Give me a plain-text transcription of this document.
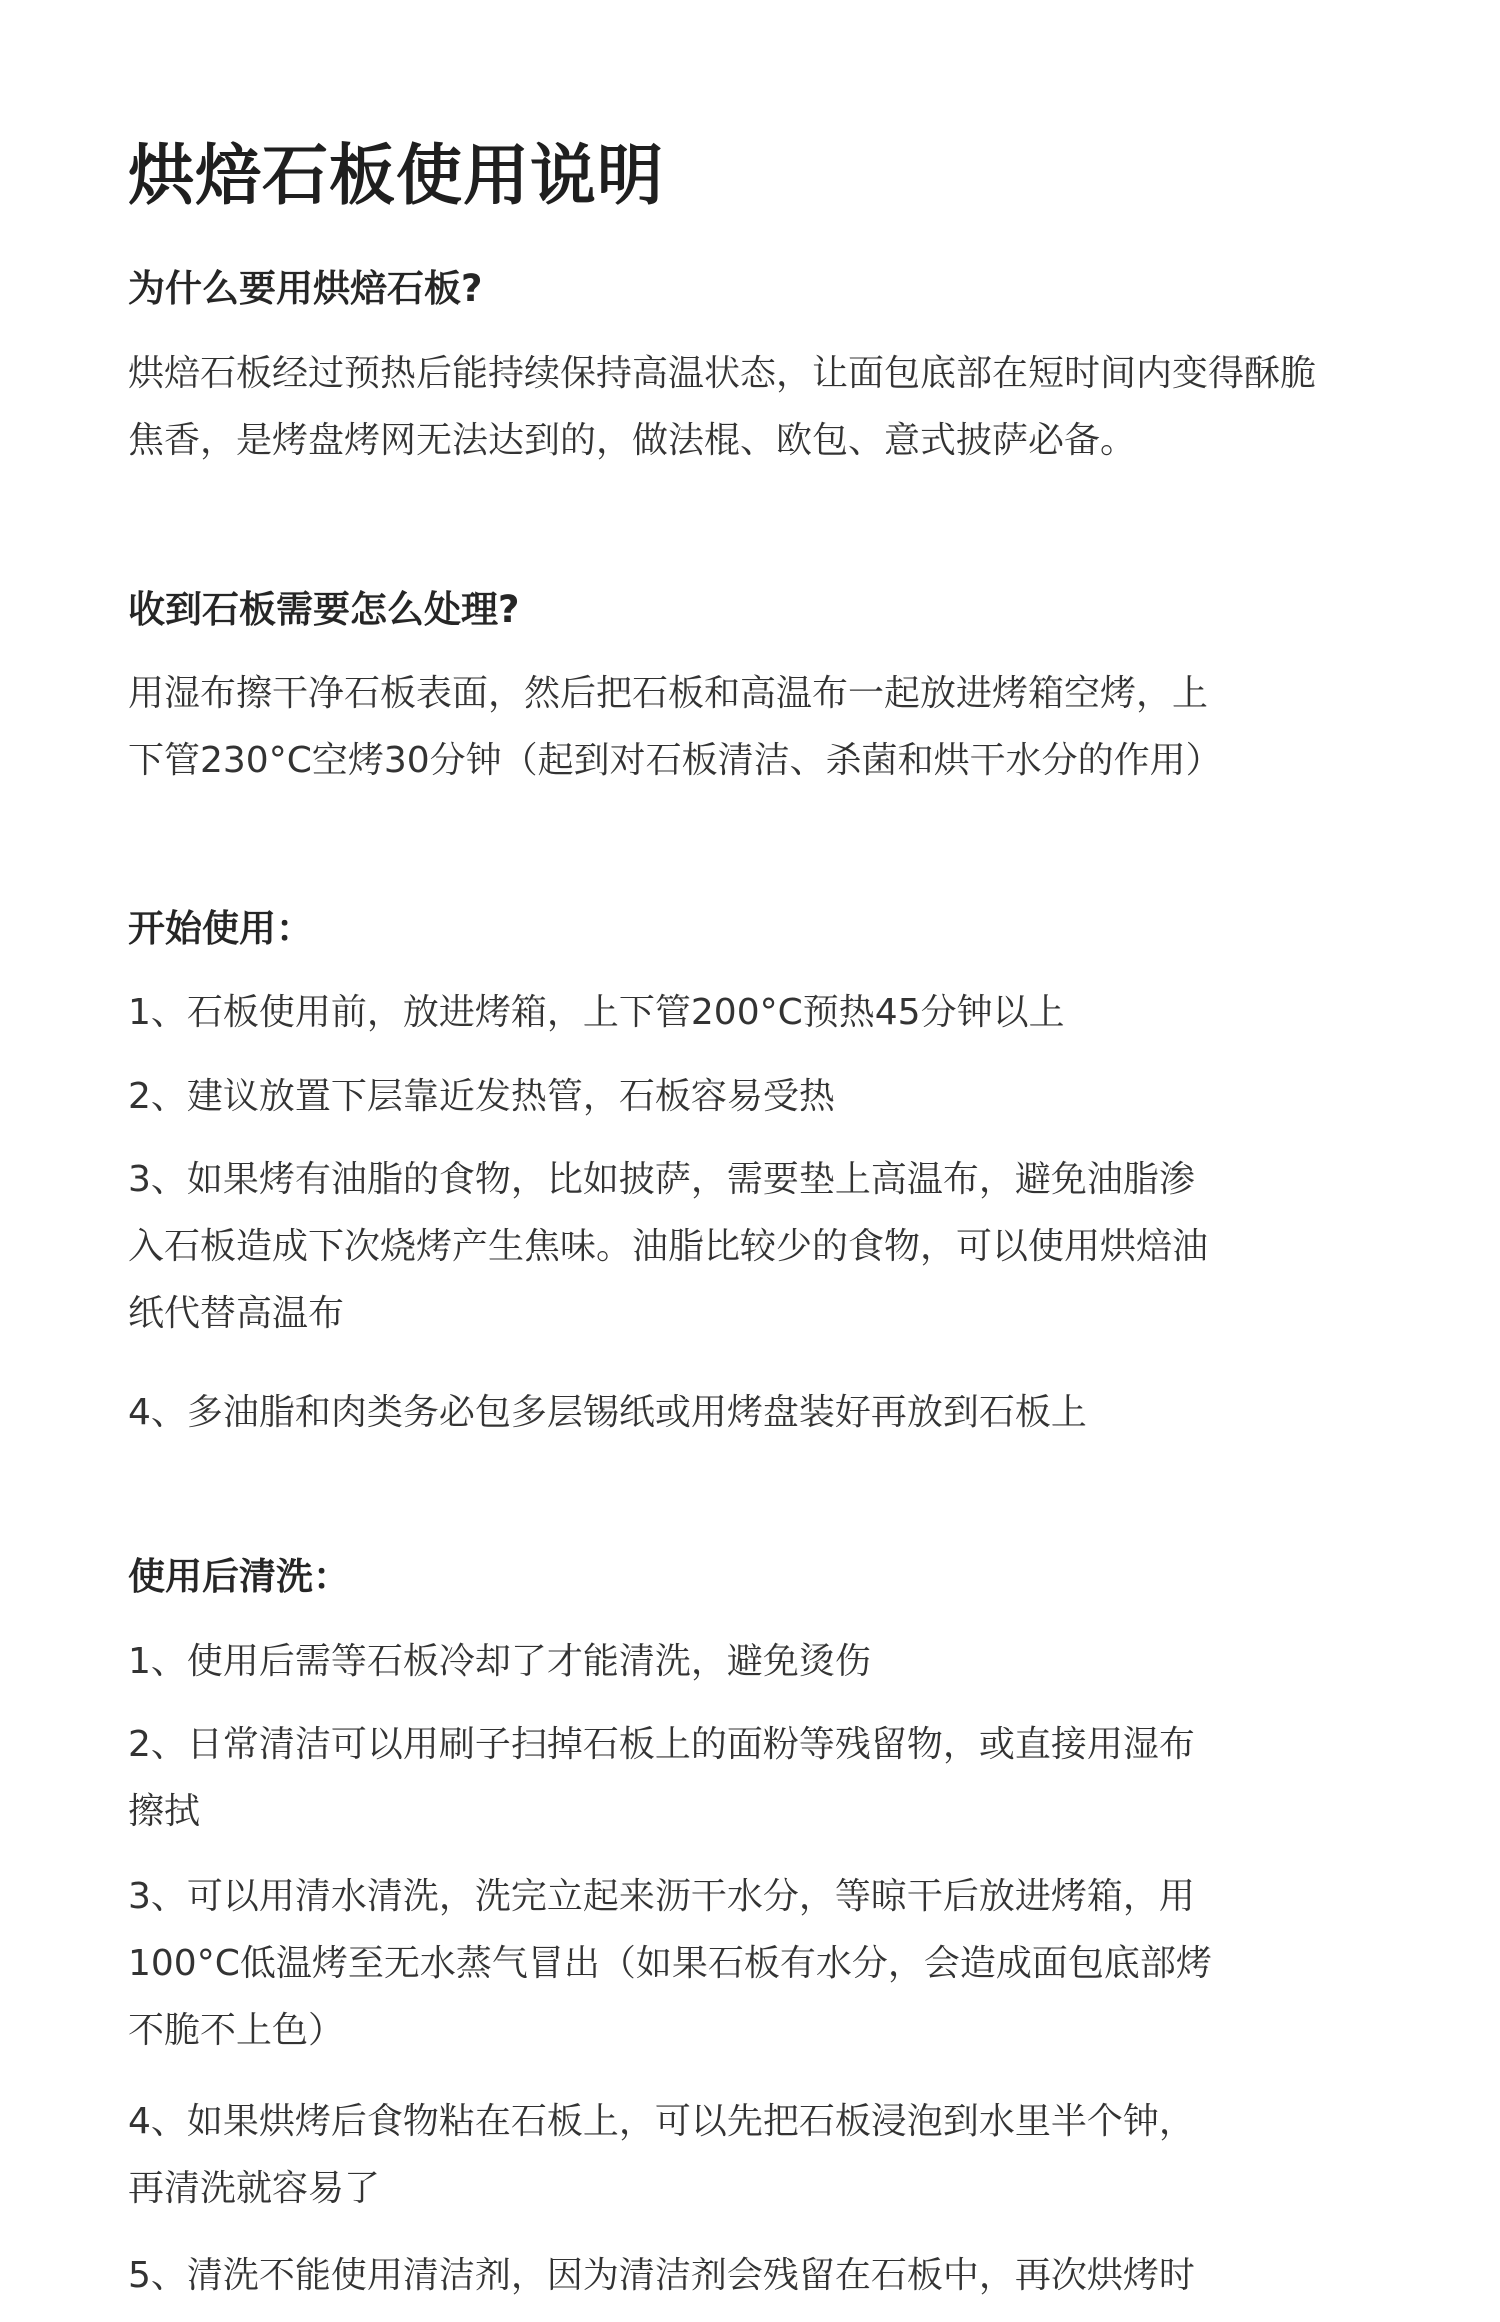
烘焙石板使用说明
为什么要用烘焙石板?
烘焙石板经过预热后能持续保持高温状态，让面包底部在短时间内变得酥脆
焦香，是烤盘烤网无法达到的，做法棍、欧包、意式披萨必备。
收到石板需要怎么处理?
用湿布擦干净石板表面，然后把石板和高温布一起放进烤箱空烤，上
下管230°C空烤30分钟（起到对石板清洁、杀菌和烘干水分的作用）
开始使用：
1、石板使用前，放进烤箱，上下管200°C预热45分钟以上
2、建议放置下层靠近发热管，石板容易受热
3、如果烤有油脂的食物，比如披萨，需要垫上高温布，避免油脂渗
入石板造成下次烧烤产生焦味。油脂比较少的食物，可以使用烘焙油
纸代替高温布
4、多油脂和肉类务必包多层锡纸或用烤盘装好再放到石板上
使用后清洗：
1、使用后需等石板冷却了才能清洗，避免烫伤
2、日常清洁可以用刷子扫掉石板上的面粉等残留物，或直接用湿布
擦拭
3、可以用清水清洗，洗完立起来沥干水分，等晾干后放进烤箱，用
100°C低温烤至无水蒸气冒出（如果石板有水分，会造成面包底部烤
不脆不上色）
4、如果烘烤后食物粘在石板上，可以先把石板浸泡到水里半个钟，
再清洗就容易了
5、清洗不能使用清洁剂，因为清洁剂会残留在石板中，再次烘烤时
